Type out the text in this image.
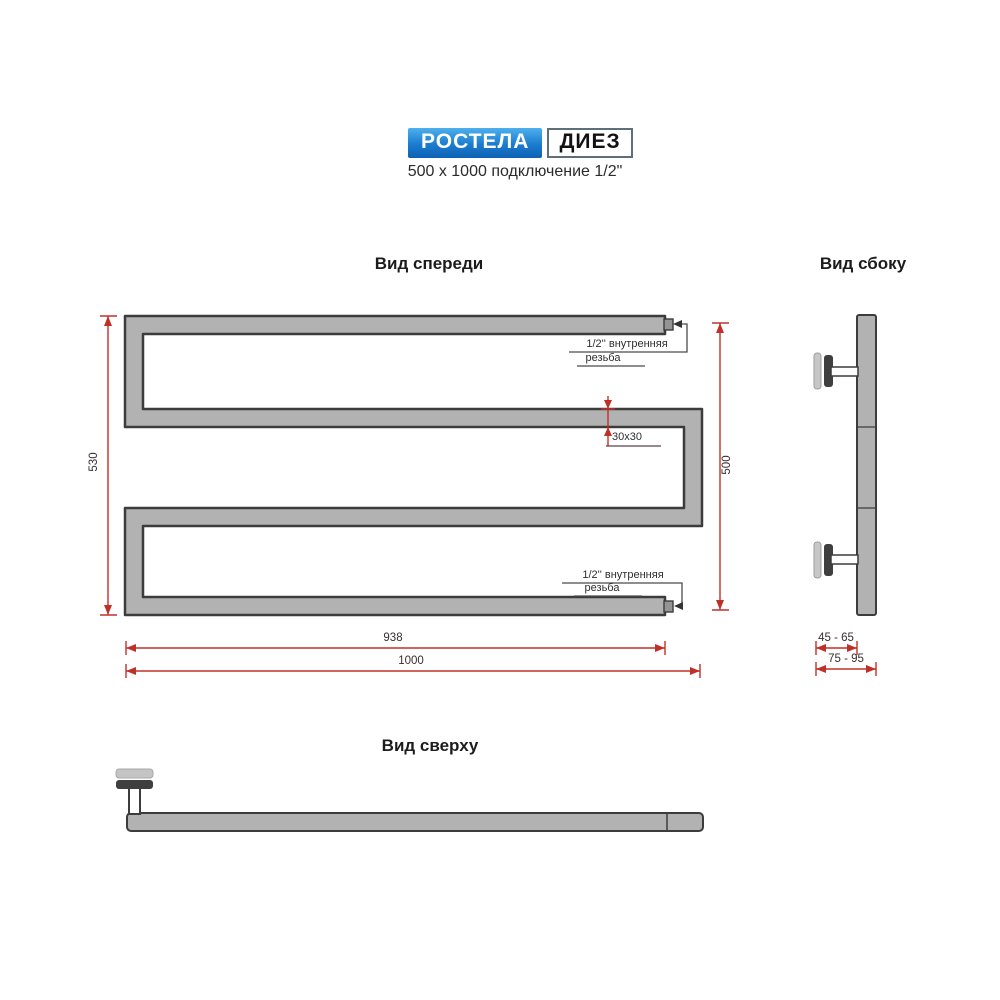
РОСТЕЛА	ДИЕЗ
500 x 1000 подключение 1/2"
Вид спереди	Вид сбоку
Вид сверху
530	500
938
1000
30x30
45 - 65
75 - 95
1/2'' внутренняя
резьба
1/2'' внутренняя
резьба
